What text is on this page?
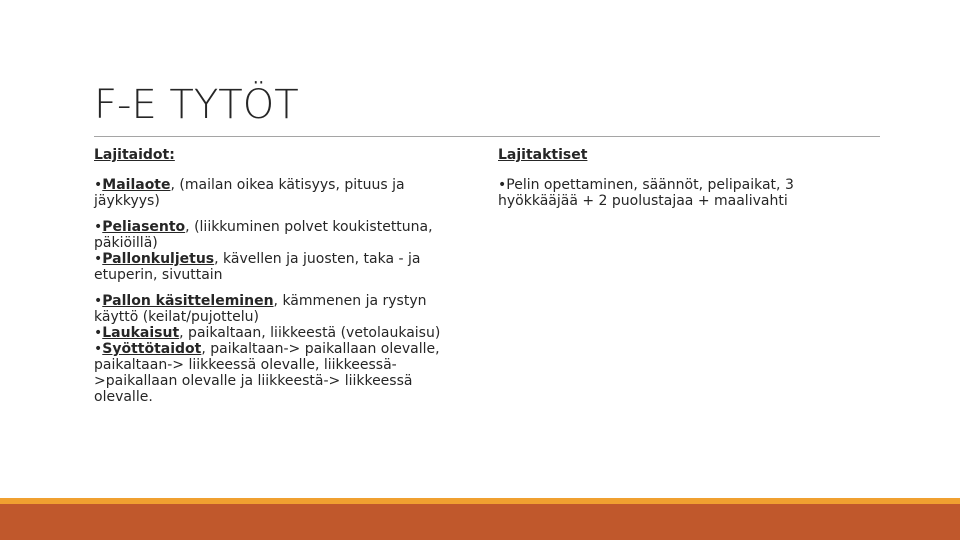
F-E TYTÖT
Lajitaidot:
•Mailaote, (mailan oikea kätisyys, pituus ja
jäykkyys)
•Peliasento, (liikkuminen polvet koukistettuna,
päkiöillä)
•Pallonkuljetus, kävellen ja juosten, taka - ja
etuperin, sivuttain
•Pallon käsitteleminen, kämmenen ja rystyn
käyttö (keilat/pujottelu)
•Laukaisut, paikaltaan, liikkeestä (vetolaukaisu)
•Syöttötaidot, paikaltaan-> paikallaan olevalle,
paikaltaan-> liikkeessä olevalle, liikkeessä-
>paikallaan olevalle ja liikkeestä-> liikkeessä
olevalle.
Lajitaktiset
•Pelin opettaminen, säännöt, pelipaikat, 3
hyökkääjää + 2 puolustajaa + maalivahti
